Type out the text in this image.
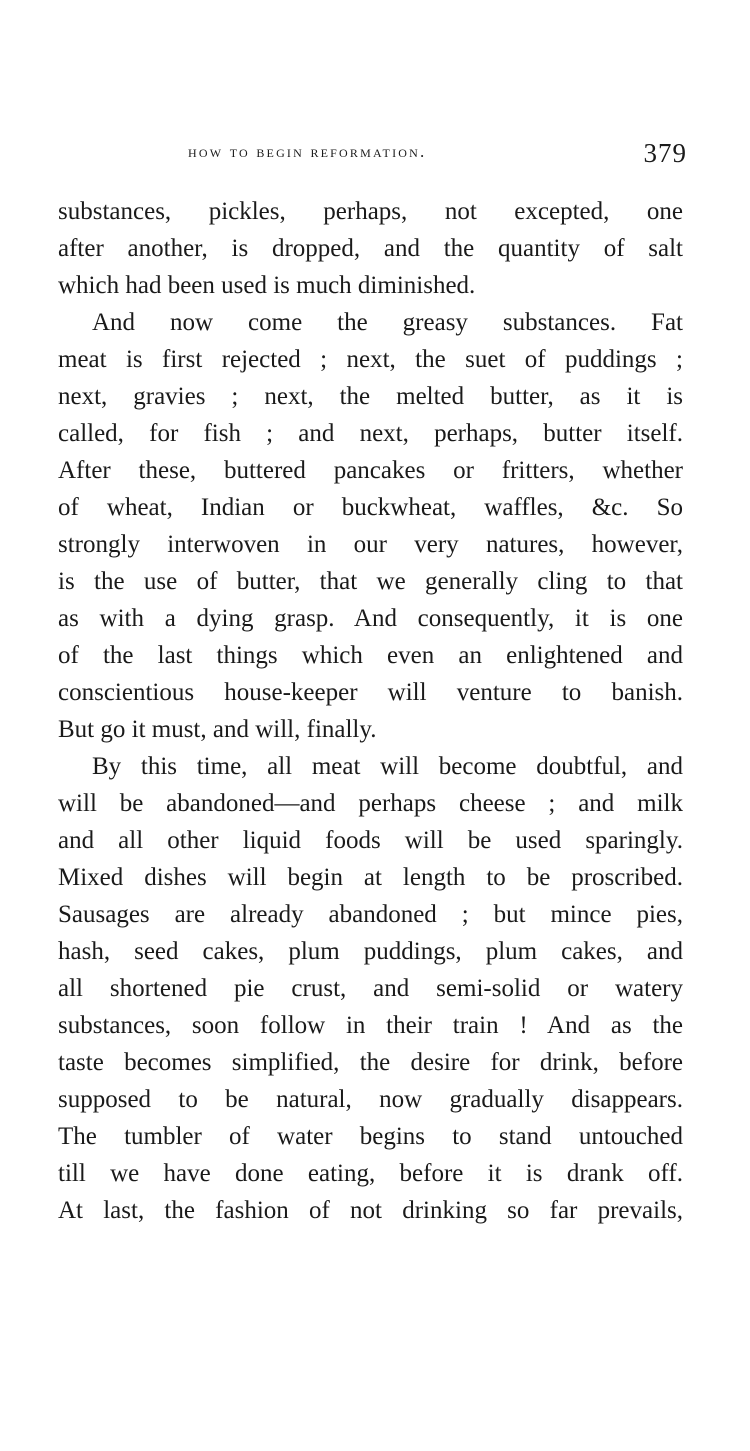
how to begin reformation.	379
substances, pickles, perhaps, not excepted, one
after another, is dropped, and the quantity of salt
which had been used is much diminished.
And now come the greasy substances. Fat
meat is first rejected ; next, the suet of puddings ;
next, gravies ; next, the melted butter, as it is
called, for fish ; and next, perhaps, butter itself.
After these, buttered pancakes or fritters, whether
of wheat, Indian or buckwheat, waffles, &c. So
strongly interwoven in our very natures, however,
is the use of butter, that we generally cling to that
as with a dying grasp. And consequently, it is one
of the last things which even an enlightened and
conscientious house-keeper will venture to banish.
But go it must, and will, finally.
By this time, all meat will become doubtful, and
will be abandoned—and perhaps cheese ; and milk
and all other liquid foods will be used sparingly.
Mixed dishes will begin at length to be proscribed.
Sausages are already abandoned ; but mince pies,
hash, seed cakes, plum puddings, plum cakes, and
all shortened pie crust, and semi-solid or watery
substances, soon follow in their train ! And as the
taste becomes simplified, the desire for drink, before
supposed to be natural, now gradually disappears.
The tumbler of water begins to stand untouched
till we have done eating, before it is drank off.
At last, the fashion of not drinking so far prevails,
